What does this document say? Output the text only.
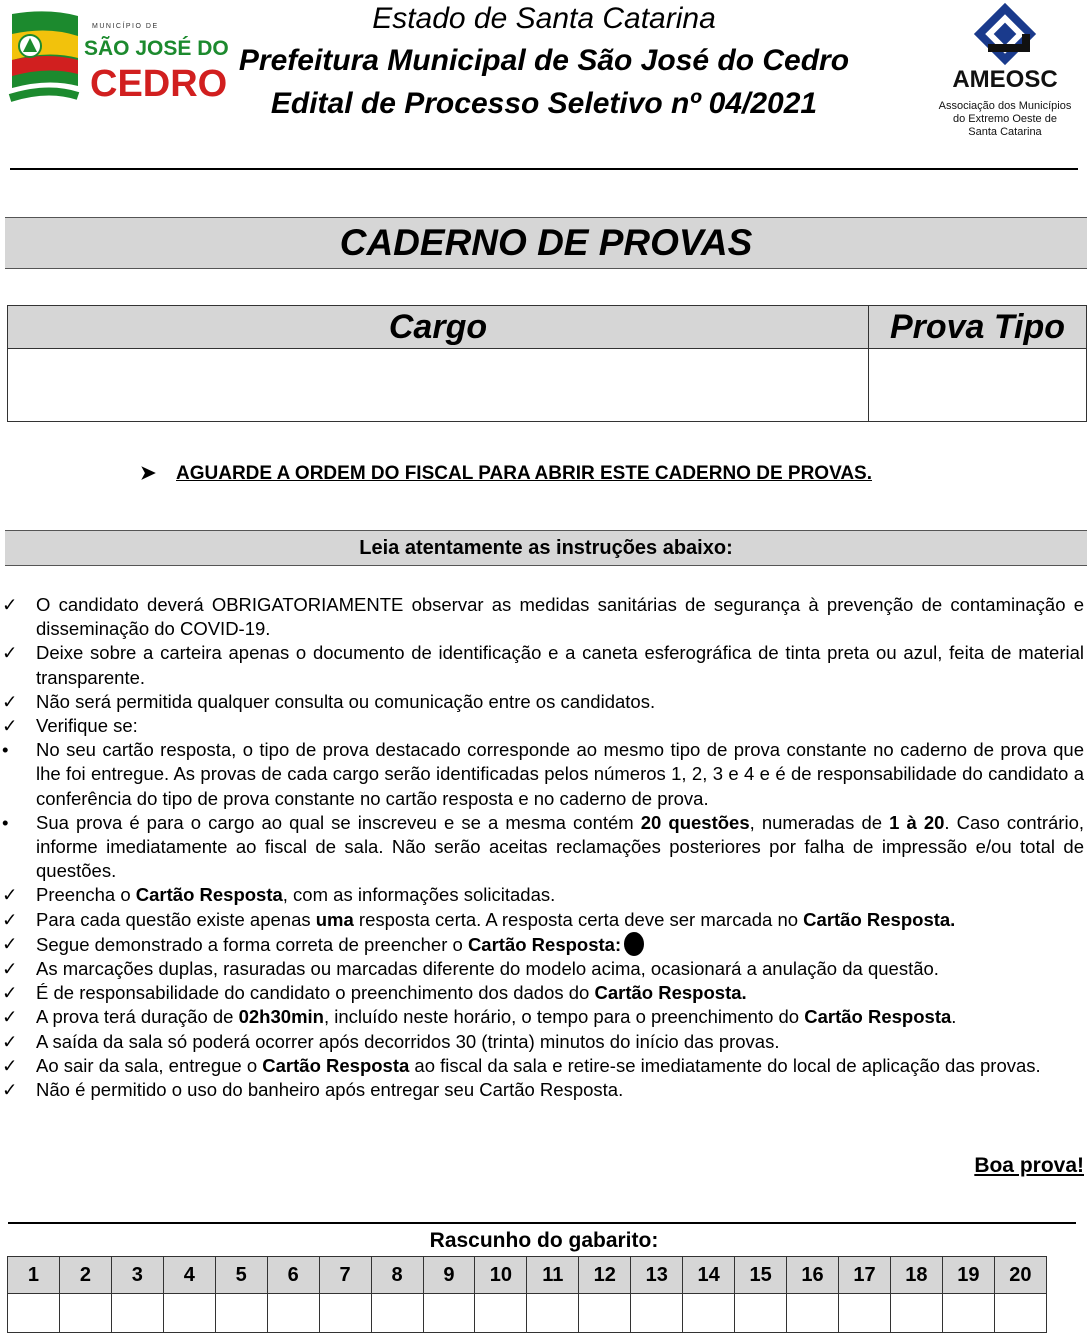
MUNICÍPIO DE
SÃO JOSÉ DO
CEDRO
Estado de Santa Catarina
Prefeitura Municipal de São José do Cedro
Edital de Processo Seletivo nº 04/2021
AMEOSC
Associação dos Municípios
do Extremo Oeste de
Santa Catarina
CADERNO DE PROVAS
Cargo	Prova Tipo

➤ AGUARDE A ORDEM DO FISCAL PARA ABRIR ESTE CADERNO DE PROVAS.
Leia atentamente as instruções abaixo:
✓ O candidato deverá OBRIGATORIAMENTE observar as medidas sanitárias de segurança à prevenção de contaminação e disseminação do COVID-19.
✓ Deixe sobre a carteira apenas o documento de identificação e a caneta esferográfica de tinta preta ou azul, feita de material transparente.
✓ Não será permitida qualquer consulta ou comunicação entre os candidatos.
✓ Verifique se:
•	No seu cartão resposta, o tipo de prova destacado corresponde ao mesmo tipo de prova constante no caderno de prova que lhe foi entregue. As provas de cada cargo serão identificadas pelos números 1, 2, 3 e 4 e é de responsabilidade do candidato a conferência do tipo de prova constante no cartão resposta e no caderno de prova.
•	Sua prova é para o cargo ao qual se inscreveu e se a mesma contém 20 questões, numeradas de 1 à 20. Caso contrário, informe imediatamente ao fiscal de sala. Não serão aceitas reclamações posteriores por falha de impressão e/ou total de questões.
✓ Preencha o Cartão Resposta, com as informações solicitadas.
✓ Para cada questão existe apenas uma resposta certa. A resposta certa deve ser marcada no Cartão Resposta.
✓ Segue demonstrado a forma correta de preencher o Cartão Resposta:
✓ As marcações duplas, rasuradas ou marcadas diferente do modelo acima, ocasionará a anulação da questão.
✓ É de responsabilidade do candidato o preenchimento dos dados do Cartão Resposta.
✓ A prova terá duração de 02h30min, incluído neste horário, o tempo para o preenchimento do Cartão Resposta.
✓ A saída da sala só poderá ocorrer após decorridos 30 (trinta) minutos do início das provas.
✓ Ao sair da sala, entregue o Cartão Resposta ao fiscal da sala e retire-se imediatamente do local de aplicação das provas.
✓ Não é permitido o uso do banheiro após entregar seu Cartão Resposta.
Boa prova!
Rascunho do gabarito:
1	2	3	4	5	6	7	8	9	10	11	12	13	14	15	16	17	18	19	20
